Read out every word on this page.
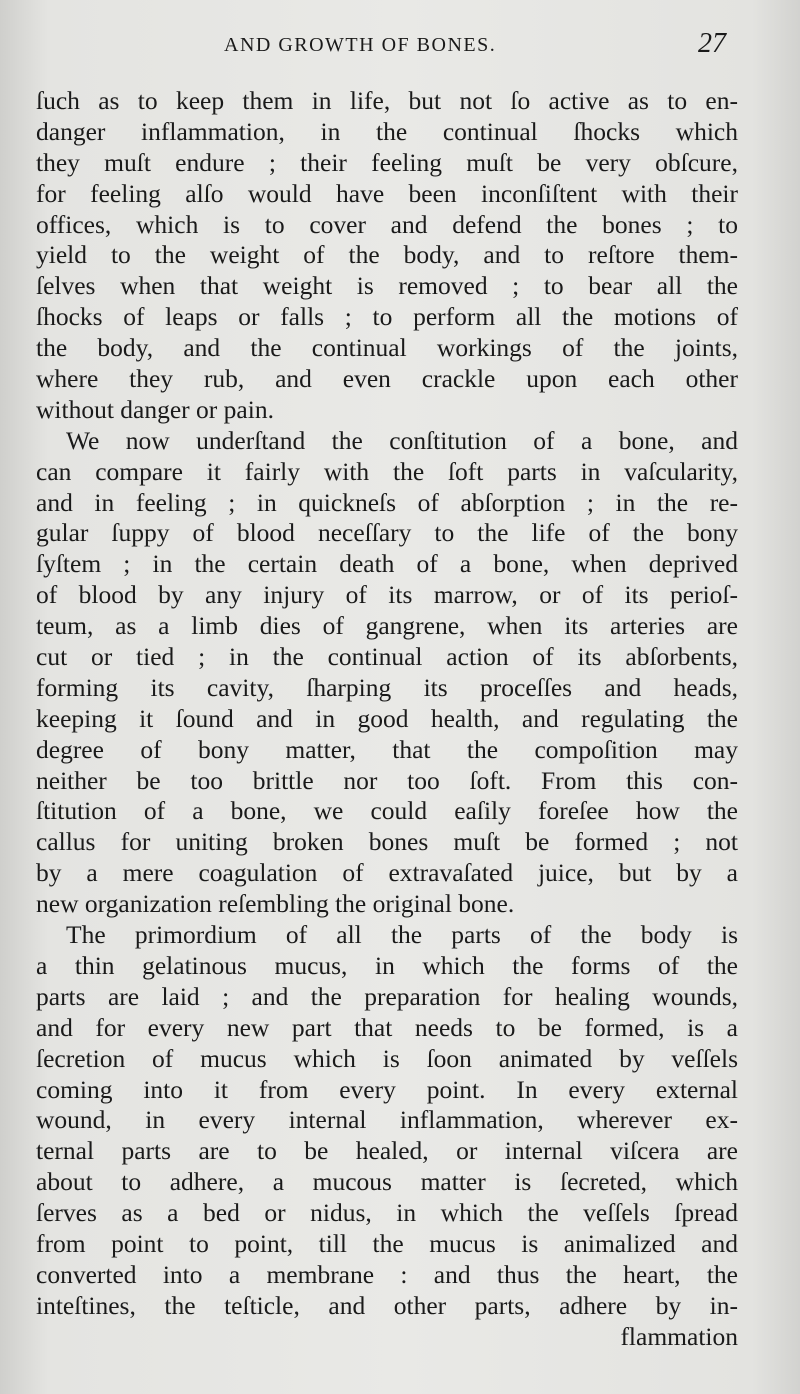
AND GROWTH OF BONES.	27
ſuch as to keep them in life, but not ſo active as to en-
danger inflammation, in the continual ſhocks which
they muſt endure ; their feeling muſt be very obſcure,
for feeling alſo would have been inconſiſtent with their
offices, which is to cover and defend the bones ; to
yield to the weight of the body, and to reſtore them-
ſelves when that weight is removed ; to bear all the
ſhocks of leaps or falls ; to perform all the motions of
the body, and the continual workings of the joints,
where they rub, and even crackle upon each other
without danger or pain.
We now underſtand the conſtitution of a bone, and
can compare it fairly with the ſoft parts in vaſcularity,
and in feeling ; in quickneſs of abſorption ; in the re-
gular ſuppy of blood neceſſary to the life of the bony
ſyſtem ; in the certain death of a bone, when deprived
of blood by any injury of its marrow, or of its perioſ-
teum, as a limb dies of gangrene, when its arteries are
cut or tied ; in the continual action of its abſorbents,
forming its cavity, ſharping its proceſſes and heads,
keeping it ſound and in good health, and regulating the
degree of bony matter, that the compoſition may
neither be too brittle nor too ſoft. From this con-
ſtitution of a bone, we could eaſily foreſee how the
callus for uniting broken bones muſt be formed ; not
by a mere coagulation of extravaſated juice, but by a
new organization reſembling the original bone.
The primordium of all the parts of the body is
a thin gelatinous mucus, in which the forms of the
parts are laid ; and the preparation for healing wounds,
and for every new part that needs to be formed, is a
ſecretion of mucus which is ſoon animated by veſſels
coming into it from every point. In every external
wound, in every internal inflammation, wherever ex-
ternal parts are to be healed, or internal viſcera are
about to adhere, a mucous matter is ſecreted, which
ſerves as a bed or nidus, in which the veſſels ſpread
from point to point, till the mucus is animalized and
converted into a membrane : and thus the heart, the
inteſtines, the teſticle, and other parts, adhere by in-
flammation
